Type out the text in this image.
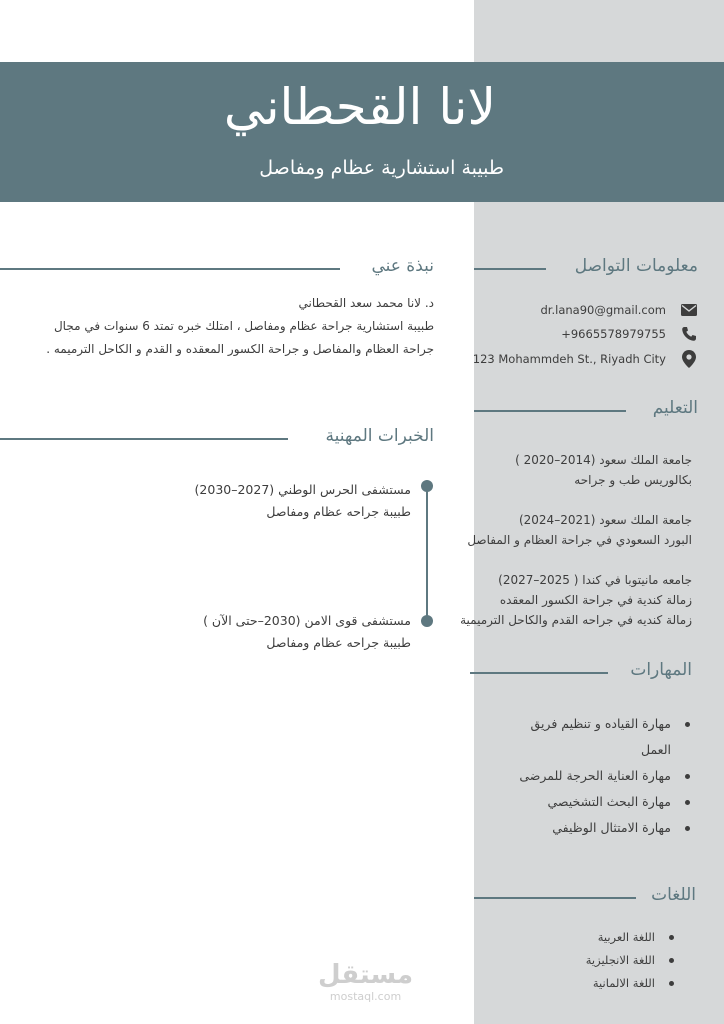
لانا القحطاني
طبيبة استشارية عظام ومفاصل
نبذة عني
د. لانا محمد سعد القحطاني
طبيبة استشارية جراحة عظام ومفاصل ، امتلك خبره تمتد 6 سنوات في مجال
جراحة العظام والمفاصل و جراحة الكسور المعقده و القدم و الكاحل الترميمه .
الخبرات المهنية
مستشفى الحرس الوطني (2027–2030)
طبيبة جراحه عظام ومفاصل
مستشفى قوى الامن (2030–حتى الآن )
طبيبة جراحه عظام ومفاصل
معلومات التواصل
dr.lana90@gmail.com
+9665578979755
123 Mohammdeh St., Riyadh City
التعليم
جامعة الملك سعود (2014–2020 )
بكالوريس طب و جراحه
جامعة الملك سعود (2021–2024)
البورد السعودي في جراحة العظام و المفاصل
جامعه مانيتوبا في كندا ( 2025–2027)
زمالة كندية في جراحة الكسور المعقده
زمالة كنديه في جراحه القدم والكاحل الترميمية
المهارات
مهارة القياده و تنظيم فريق
العمل
مهارة العناية الحرجة للمرضى
مهارة البحث التشخيصي
مهارة الامتثال الوظيفي
اللغات
اللغة العربية
اللغة الانجليزية
اللغة الالمانية
مستقل
mostaql.com
